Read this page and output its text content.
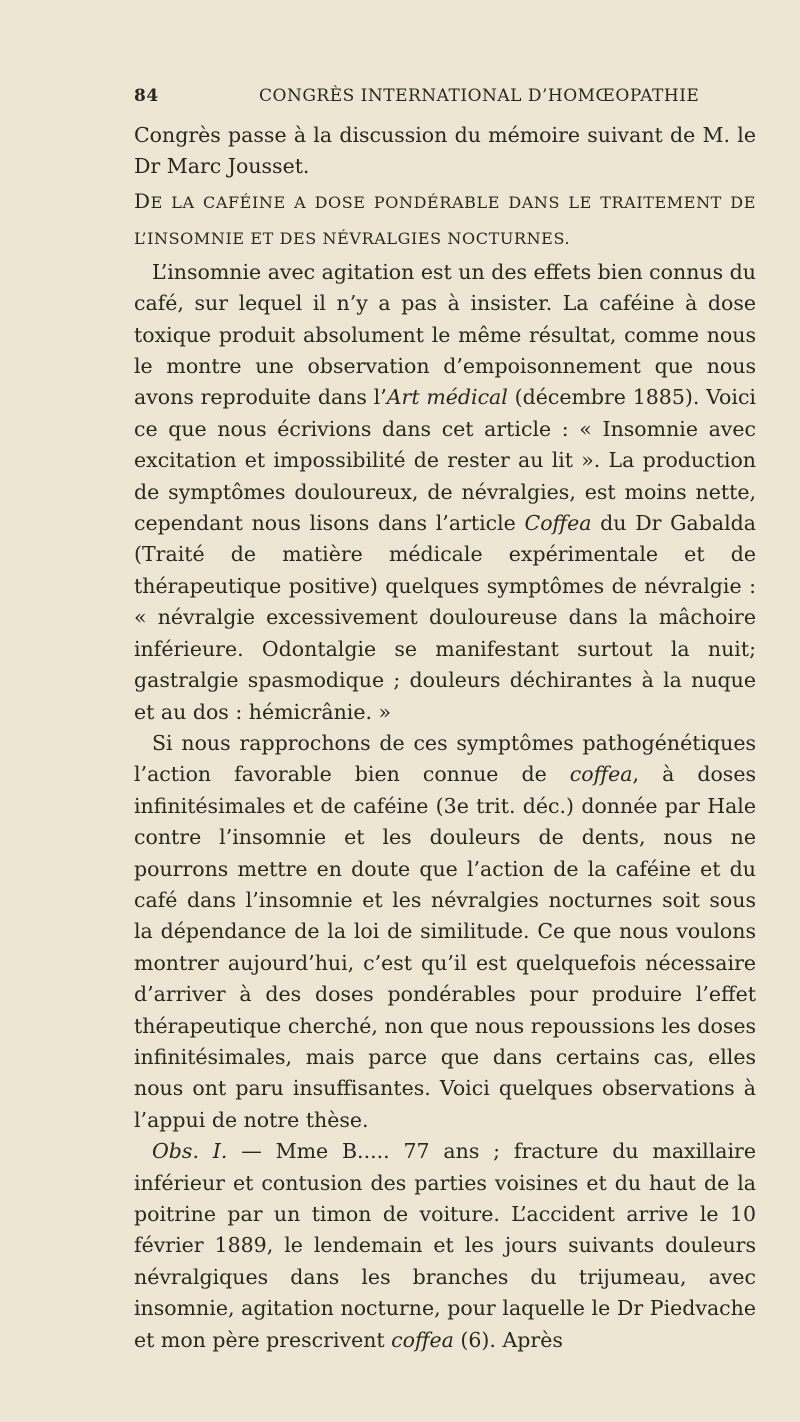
84	CONGRÈS INTERNATIONAL D’HOMŒOPATHIE

Congrès passe à la discussion du mémoire suivant de M. le Dr Marc Jousset.

DE LA CAFÉINE A DOSE PONDÉRABLE DANS LE TRAITEMENT DE L’INSOMNIE ET DES NÉVRALGIES NOCTURNES.

L’insomnie avec agitation est un des effets bien connus du café, sur lequel il n’y a pas à insister. La caféine à dose toxique produit absolument le même résultat, comme nous le montre une observation d’empoisonnement que nous avons reproduite dans l’Art médical (décembre 1885). Voici ce que nous écrivions dans cet article : « Insomnie avec excitation et impossibilité de rester au lit ». La production de symptômes douloureux, de névralgies, est moins nette, cependant nous lisons dans l’article Coffea du Dr Gabalda (Traité de matière médicale expérimentale et de thérapeutique positive) quelques symptômes de névralgie : « névralgie excessivement douloureuse dans la mâchoire inférieure. Odontalgie se manifestant surtout la nuit; gastralgie spasmodique ; douleurs déchirantes à la nuque et au dos : hémicrânie. »

Si nous rapprochons de ces symptômes pathogénétiques l’action favorable bien connue de coffea, à doses infinitésimales et de caféine (3e trit. déc.) donnée par Hale contre l’insomnie et les douleurs de dents, nous ne pourrons mettre en doute que l’action de la caféine et du café dans l’insomnie et les névralgies nocturnes soit sous la dépendance de la loi de similitude. Ce que nous voulons montrer aujourd’hui, c’est qu’il est quelquefois nécessaire d’arriver à des doses pondérables pour produire l’effet thérapeutique cherché, non que nous repoussions les doses infinitésimales, mais parce que dans certains cas, elles nous ont paru insuffisantes. Voici quelques observations à l’appui de notre thèse.

Obs. I. — Mme B..... 77 ans ; fracture du maxillaire inférieur et contusion des parties voisines et du haut de la poitrine par un timon de voiture. L’accident arrive le 10 février 1889, le lendemain et les jours suivants douleurs névralgiques dans les branches du trijumeau, avec insomnie, agitation nocturne, pour laquelle le Dr Piedvache et mon père prescrivent coffea (6). Après
